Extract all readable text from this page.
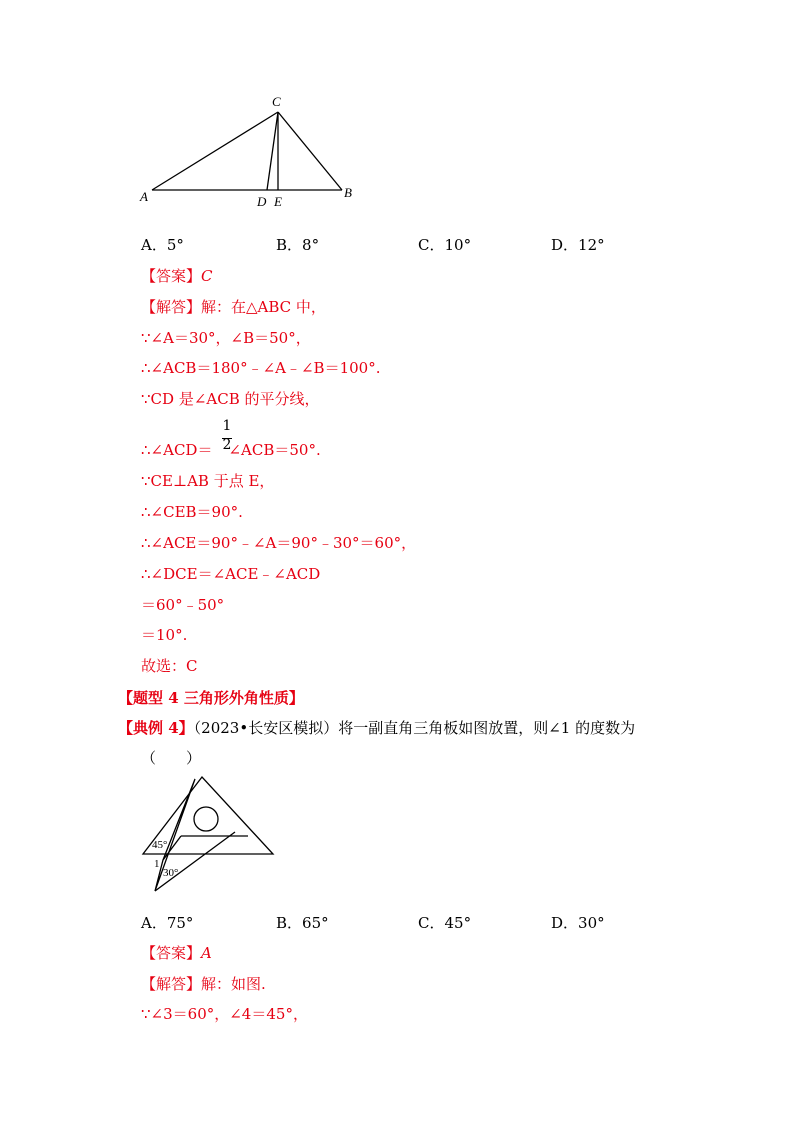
C
A	B
D E
A．5°	B．8°	C．10°	D．12°
【答案】C
【解答】解：在△ABC 中，
∵∠A＝30°，∠B＝50°，
∴∠ACB＝180°﹣∠A﹣∠B＝100°.
∵CD 是∠ACB 的平分线，
∴∠ACD＝ ∠ACB＝50°.
1
2
∵CE⊥AB 于点 E，
∴∠CEB＝90°.
∴∠ACE＝90°﹣∠A＝90°﹣30°＝60°，
∴∠DCE＝∠ACE﹣∠ACD
＝60°﹣50°
＝10°.
故选：C
【题型 4 三角形外角性质】
【典例 4】（2023•长安区模拟）将一副直角三角板如图放置，则∠1 的度数为
（　　）
45°
1
30°
A．75°	B．65°	C．45°	D．30°
【答案】A
【解答】解：如图.
∵∠3＝60°，∠4＝45°，
